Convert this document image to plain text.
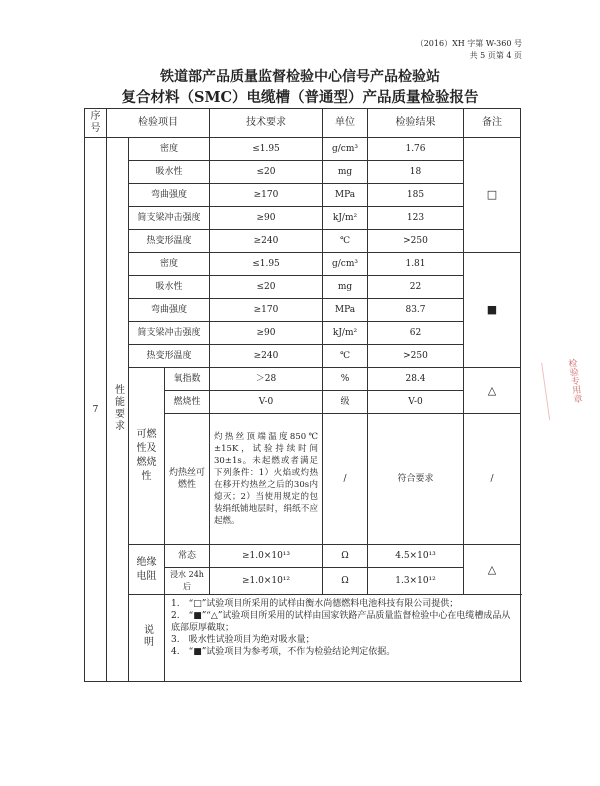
（2016）XH 字第 W-360 号
共 5 页第 4 页
铁道部产品质量监督检验中心信号产品检验站
复合材料（SMC）电缆槽（普通型）产品质量检验报告
序号	检验项目			技术要求	单位	检验结果	备注
7	性能要求	密度		≤1.95	g/cm³	1.76	□
		吸水性		≤20	mg	18	
		弯曲强度		≥170	MPa	185	
		简支梁冲击强度		≥90	kJ/m²	123	
		热变形温度		≥240	℃	>250	
		密度		≤1.95	g/cm³	1.81	■
		吸水性		≤20	mg	22	
		弯曲强度		≥170	MPa	83.7	
		简支梁冲击强度		≥90	kJ/m²	62	
		热变形温度		≥240	℃	>250	
		可燃性及燃烧性	氧指数	＞28	%	28.4	△
			燃烧性	V-0	级	V-0	
			灼热丝可燃性	灼热丝顶端温度850℃±15K，试验持续时间30±1s。未起燃或者满足下列条件：1）火焰或灼热在移开灼热丝之后的30s内熄灭；2）当使用规定的包装绢纸铺地层时，绢纸不应起燃。	/	符合要求	/
		绝缘电阻	常态	≥1.0×10¹³	Ω	4.5×10¹³	△
			浸水 24h 后	≥1.0×10¹²	Ω	1.3×10¹²	
		说明	1.　“□”试验项目所采用的试样由衡水尚德燃料电池科技有限公司提供；
2.　“■”“△”试验项目所采用的试样由国家铁路产品质量监督检验中心在电缆槽成品从底部原厚截取；
3.　吸水性试验项目为绝对吸水量；
4.　“■”试验项目为参考项，不作为检验结论判定依据。				
检验专用章
